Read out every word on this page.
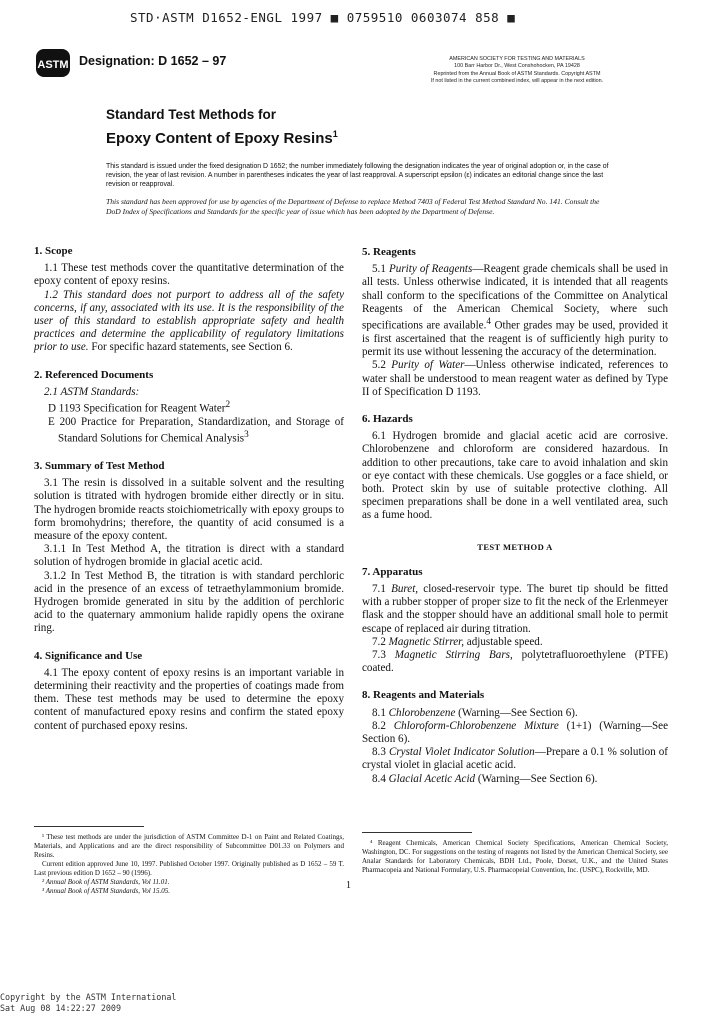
STD·ASTM D1652-ENGL 1997 ■ 0759510 0603074 858 ■
ASTM Designation: D 1652 – 97	AMERICAN SOCIETY FOR TESTING AND MATERIALS
100 Barr Harbor Dr., West Conshohocken, PA 19428
Reprinted from the Annual Book of ASTM Standards. Copyright ASTM
If not listed in the current combined index, will appear in the next edition.
Standard Test Methods for
Epoxy Content of Epoxy Resins$^1$
This standard is issued under the fixed designation D 1652; the number immediately following the designation indicates the year of original adoption or, in the case of revision, the year of last revision. A number in parentheses indicates the year of last reapproval. A superscript epsilon (ε) indicates an editorial change since the last revision or reapproval.
This standard has been approved for use by agencies of the Department of Defense to replace Method 7403 of Federal Test Method Standard No. 141. Consult the DoD Index of Specifications and Standards for the specific year of issue which has been adopted by the Department of Defense.
1. Scope

1.1 These test methods cover the quantitative determination of the epoxy content of epoxy resins.

1.2 This standard does not purport to address all of the safety concerns, if any, associated with its use. It is the responsibility of the user of this standard to establish appropriate safety and health practices and determine the applicability of regulatory limitations prior to use. For specific hazard statements, see Section 6.

2. Referenced Documents

2.1 ASTM Standards:

D 1193 Specification for Reagent Water$^2$

E 200 Practice for Preparation, Standardization, and Storage of Standard Solutions for Chemical Analysis$^3$

3. Summary of Test Method

3.1 The resin is dissolved in a suitable solvent and the resulting solution is titrated with hydrogen bromide either directly or in situ. The hydrogen bromide reacts stoichiometrically with epoxy groups to form bromohydrins; therefore, the quantity of acid consumed is a measure of the epoxy content.

3.1.1 In Test Method A, the titration is direct with a standard solution of hydrogen bromide in glacial acetic acid.

3.1.2 In Test Method B, the titration is with standard perchloric acid in the presence of an excess of tetraethylammonium bromide. Hydrogen bromide generated in situ by the addition of perchloric acid to the quaternary ammonium halide rapidly opens the oxirane ring.

4. Significance and Use

4.1 The epoxy content of epoxy resins is an important variable in determining their reactivity and the properties of coatings made from them. These test methods may be used to determine the epoxy content of manufactured epoxy resins and confirm the stated epoxy content of purchased epoxy resins.

5. Reagents

5.1 Purity of Reagents—Reagent grade chemicals shall be used in all tests. Unless otherwise indicated, it is intended that all reagents shall conform to the specifications of the Committee on Analytical Reagents of the American Chemical Society, where such specifications are available.$^4$ Other grades may be used, provided it is first ascertained that the reagent is of sufficiently high purity to permit its use without lessening the accuracy of the determination.

5.2 Purity of Water—Unless otherwise indicated, references to water shall be understood to mean reagent water as defined by Type II of Specification D 1193.

6. Hazards

6.1 Hydrogen bromide and glacial acetic acid are corrosive. Chlorobenzene and chloroform are considered hazardous. In addition to other precautions, take care to avoid inhalation and skin or eye contact with these chemicals. Use goggles or a face shield, or both. Protect skin by use of suitable protective clothing. All specimen preparations shall be done in a well ventilated area, such as a fume hood.

TEST METHOD A
7. Apparatus

7.1 Buret, closed-reservoir type. The buret tip should be fitted with a rubber stopper of proper size to fit the neck of the Erlenmeyer flask and the stopper should have an additional small hole to permit escape of replaced air during titration.

7.2 Magnetic Stirrer, adjustable speed.

7.3 Magnetic Stirring Bars, polytetrafluoroethylene (PTFE) coated.

8. Reagents and Materials

8.1 Chlorobenzene (Warning—See Section 6).

8.2 Chloroform-Chlorobenzene Mixture (1+1) (Warning—See Section 6).

8.3 Crystal Violet Indicator Solution—Prepare a 0.1 % solution of crystal violet in glacial acetic acid.

8.4 Glacial Acetic Acid (Warning—See Section 6).

¹ These test methods are under the jurisdiction of ASTM Committee D-1 on Paint and Related Coatings, Materials, and Applications and are the direct responsibility of Subcommittee D01.33 on Polymers and Resins.

Current edition approved June 10, 1997. Published October 1997. Originally published as D 1652 – 59 T. Last previous edition D 1652 – 90 (1996).

² Annual Book of ASTM Standards, Vol 11.01.

³ Annual Book of ASTM Standards, Vol 15.05.

⁴ Reagent Chemicals, American Chemical Society Specifications, American Chemical Society, Washington, DC. For suggestions on the testing of reagents not listed by the American Chemical Society, see Analar Standards for Laboratory Chemicals, BDH Ltd., Poole, Dorset, U.K., and the United States Pharmacopeia and National Formulary, U.S. Pharmacopeial Convention, Inc. (USPC), Rockville, MD.

1
Copyright by the ASTM International
Sat Aug 08 14:22:27 2009
